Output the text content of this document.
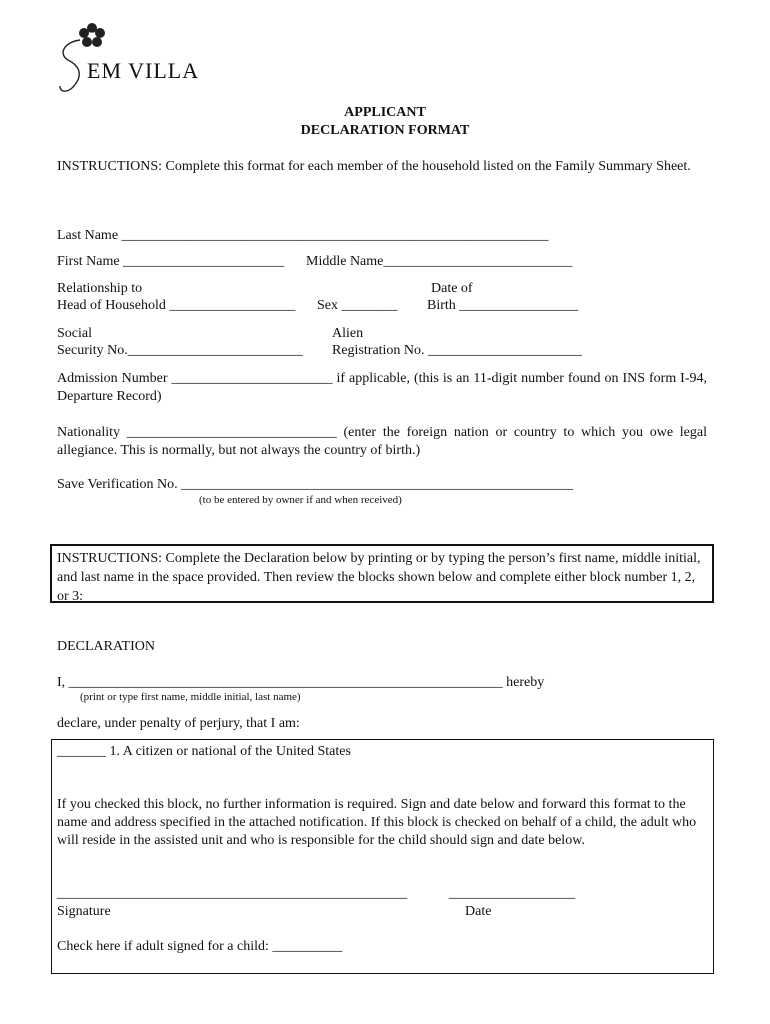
EM VILLA
APPLICANT
DECLARATION FORMAT
INSTRUCTIONS: Complete this format for each member of the household listed on the Family Summary Sheet.
Last Name _____________________________________________________________
First Name _______________________ Middle Name___________________________
Relationship to
Head of Household __________________ Sex ________
Date of
Birth _________________
Social
Security No._________________________
Alien
Registration No. ______________________
Admission Number _______________________ if applicable, (this is an 11-digit number found on INS form I-94, Departure Record)
Nationality ______________________________ (enter the foreign nation or country to which you owe legal allegiance. This is normally, but not always the country of birth.)
Save Verification No. ________________________________________________________
(to be entered by owner if and when received)
INSTRUCTIONS: Complete the Declaration below by printing or by typing the person’s first name, middle initial, and last name in the space provided. Then review the blocks shown below and complete either block number 1, 2, or 3:
DECLARATION
I, ______________________________________________________________ hereby
(print or type first name, middle initial, last name)
declare, under penalty of perjury, that I am:
_______ 1. A citizen or national of the United States
If you checked this block, no further information is required. Sign and date below and forward this format to the name and address specified in the attached notification. If this block is checked on behalf of a child, the adult who will reside in the assisted unit and who is responsible for the child should sign and date below.
__________________________________________________	__________________
Signature	Date
Check here if adult signed for a child: __________
